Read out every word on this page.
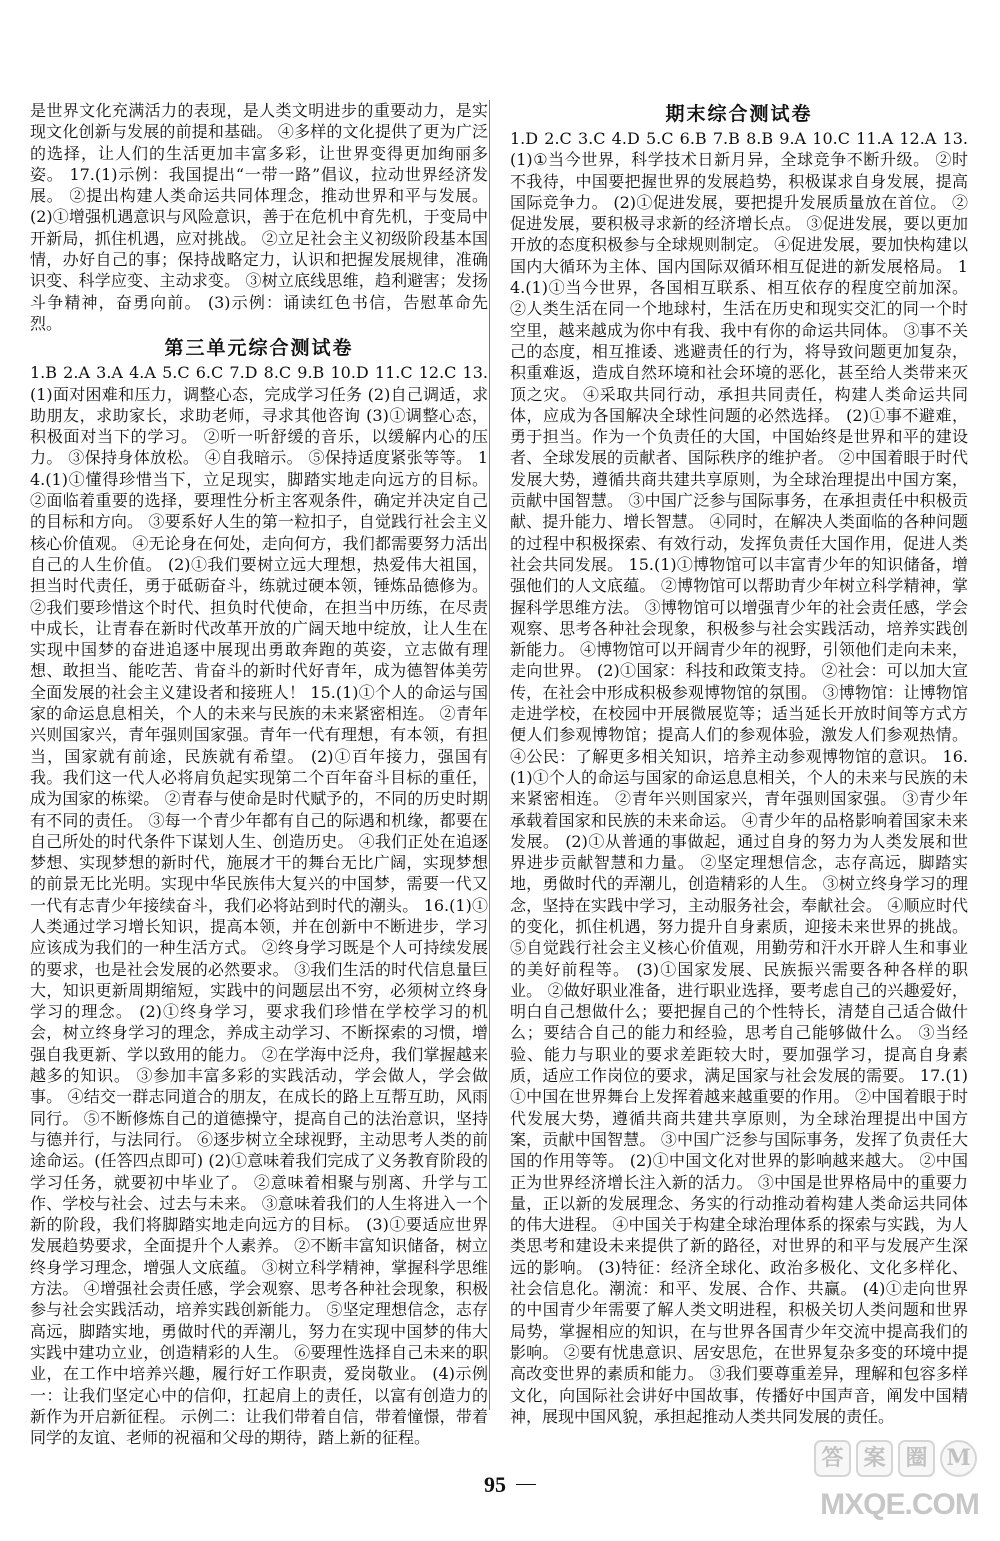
是世界文化充满活力的表现，是人类文明进步的重要动力，是实现文化创新与发展的前提和基础。 ④多样的文化提供了更为广泛的选择，让人们的生活更加丰富多彩，让世界变得更加绚丽多姿。 17.(1)示例：我国提出“一带一路”倡议，拉动世界经济发展。 ②提出构建人类命运共同体理念，推动世界和平与发展。 (2)①增强机遇意识与风险意识，善于在危机中育先机，于变局中开新局，抓住机遇，应对挑战。 ②立足社会主义初级阶段基本国情，办好自己的事；保持战略定力，认识和把握发展规律，准确识变、科学应变、主动求变。 ③树立底线思维，趋利避害；发扬斗争精神，奋勇向前。 (3)示例：诵读红色书信，告慰革命先烈。

第三单元综合测试卷

1.B 2.A 3.A 4.A 5.C 6.C 7.D 8.C 9.B 10.D 11.C 12.C 13.(1)面对困难和压力，调整心态，完成学习任务 (2)自己调适，求助朋友，求助家长，求助老师，寻求其他咨询 (3)①调整心态，积极面对当下的学习。 ②听一听舒缓的音乐，以缓解内心的压力。 ③保持身体放松。 ④自我暗示。 ⑤保持适度紧张等等。 14.(1)①懂得珍惜当下，立足现实，脚踏实地走向远方的目标。 ②面临着重要的选择，要理性分析主客观条件，确定并决定自己的目标和方向。 ③要系好人生的第一粒扣子，自觉践行社会主义核心价值观。 ④无论身在何处，走向何方，我们都需要努力活出自己的人生价值。 (2)①我们要树立远大理想，热爱伟大祖国，担当时代责任，勇于砥砺奋斗，练就过硬本领，锤炼品德修为。 ②我们要珍惜这个时代、担负时代使命，在担当中历练，在尽责中成长，让青春在新时代改革开放的广阔天地中绽放，让人生在实现中国梦的奋进追逐中展现出勇敢奔跑的英姿，立志做有理想、敢担当、能吃苦、肯奋斗的新时代好青年，成为德智体美劳全面发展的社会主义建设者和接班人！ 15.(1)①个人的命运与国家的命运息息相关，个人的未来与民族的未来紧密相连。 ②青年兴则国家兴，青年强则国家强。青年一代有理想，有本领，有担当，国家就有前途，民族就有希望。 (2)①百年接力，强国有我。我们这一代人必将肩负起实现第二个百年奋斗目标的重任，成为国家的栋梁。 ②青春与使命是时代赋予的，不同的历史时期有不同的责任。 ③每一个青少年都有自己的际遇和机缘，都要在自己所处的时代条件下谋划人生、创造历史。 ④我们正处在追逐梦想、实现梦想的新时代，施展才干的舞台无比广阔，实现梦想的前景无比光明。实现中华民族伟大复兴的中国梦，需要一代又一代有志青少年接续奋斗，我们必将站到时代的潮头。 16.(1)①人类通过学习增长知识，提高本领，并在创新中不断进步，学习应该成为我们的一种生活方式。 ②终身学习既是个人可持续发展的要求，也是社会发展的必然要求。 ③我们生活的时代信息量巨大，知识更新周期缩短，实践中的问题层出不穷，必须树立终身学习的理念。 (2)①终身学习，要求我们珍惜在学校学习的机会，树立终身学习的理念，养成主动学习、不断探索的习惯，增强自我更新、学以致用的能力。 ②在学海中泛舟，我们掌握越来越多的知识。 ③参加丰富多彩的实践活动，学会做人，学会做事。 ④结交一群志同道合的朋友，在成长的路上互帮互助，风雨同行。 ⑤不断修炼自己的道德操守，提高自己的法治意识，坚持与德并行，与法同行。 ⑥逐步树立全球视野，主动思考人类的前途命运。(任答四点即可) (2)①意味着我们完成了义务教育阶段的学习任务，就要初中毕业了。 ②意味着相聚与别离、升学与工作、学校与社会、过去与未来。 ③意味着我们的人生将进入一个新的阶段，我们将脚踏实地走向远方的目标。 (3)①要适应世界发展趋势要求，全面提升个人素养。 ②不断丰富知识储备，树立终身学习理念，增强人文底蕴。 ③树立科学精神，掌握科学思维方法。 ④增强社会责任感，学会观察、思考各种社会现象，积极参与社会实践活动，培养实践创新能力。 ⑤坚定理想信念，志存高远，脚踏实地，勇做时代的弄潮儿，努力在实现中国梦的伟大实践中建功立业，创造精彩的人生。 ⑥要理性选择自己未来的职业，在工作中培养兴趣，履行好工作职责，爱岗敬业。 (4)示例一：让我们坚定心中的信仰，扛起肩上的责任，以富有创造力的新作为开启新征程。 示例二：让我们带着自信，带着憧憬，带着同学的友谊、老师的祝福和父母的期待，踏上新的征程。

期末综合测试卷

1.D 2.C 3.C 4.D 5.C 6.B 7.B 8.B 9.A 10.C 11.A 12.A 13.(1)①当今世界，科学技术日新月异，全球竞争不断升级。 ②时不我待，中国要把握世界的发展趋势，积极谋求自身发展，提高国际竞争力。 (2)①促进发展，要把提升发展质量放在首位。 ②促进发展，要积极寻求新的经济增长点。 ③促进发展，要以更加开放的态度积极参与全球规则制定。 ④促进发展，要加快构建以国内大循环为主体、国内国际双循环相互促进的新发展格局。 14.(1)①当今世界，各国相互联系、相互依存的程度空前加深。 ②人类生活在同一个地球村，生活在历史和现实交汇的同一个时空里，越来越成为你中有我、我中有你的命运共同体。 ③事不关己的态度，相互推诿、逃避责任的行为，将导致问题更加复杂，积重难返，造成自然环境和社会环境的恶化，甚至给人类带来灭顶之灾。 ④采取共同行动，承担共同责任，构建人类命运共同体，应成为各国解决全球性问题的必然选择。 (2)①事不避难，勇于担当。作为一个负责任的大国，中国始终是世界和平的建设者、全球发展的贡献者、国际秩序的维护者。 ②中国着眼于时代发展大势，遵循共商共建共享原则，为全球治理提出中国方案，贡献中国智慧。 ③中国广泛参与国际事务，在承担责任中积极贡献、提升能力、增长智慧。 ④同时，在解决人类面临的各种问题的过程中积极探索、有效行动，发挥负责任大国作用，促进人类社会共同发展。 15.(1)①博物馆可以丰富青少年的知识储备，增强他们的人文底蕴。 ②博物馆可以帮助青少年树立科学精神，掌握科学思维方法。 ③博物馆可以增强青少年的社会责任感，学会观察、思考各种社会现象，积极参与社会实践活动，培养实践创新能力。 ④博物馆可以开阔青少年的视野，引领他们走向未来，走向世界。 (2)①国家：科技和政策支持。 ②社会：可以加大宣传，在社会中形成积极参观博物馆的氛围。 ③博物馆：让博物馆走进学校，在校园中开展微展览等；适当延长开放时间等方式方便人们参观博物馆；提高人们的参观体验，激发人们参观热情。 ④公民：了解更多相关知识，培养主动参观博物馆的意识。 16.(1)①个人的命运与国家的命运息息相关，个人的未来与民族的未来紧密相连。 ②青年兴则国家兴，青年强则国家强。 ③青少年承载着国家和民族的未来命运。 ④青少年的品格影响着国家未来发展。 (2)①从普通的事做起，通过自身的努力为人类发展和世界进步贡献智慧和力量。 ②坚定理想信念，志存高远，脚踏实地，勇做时代的弄潮儿，创造精彩的人生。 ③树立终身学习的理念，坚持在实践中学习，主动服务社会，奉献社会。 ④顺应时代的变化，抓住机遇，努力提升自身素质，迎接未来世界的挑战。 ⑤自觉践行社会主义核心价值观，用勤劳和汗水开辟人生和事业的美好前程等。 (3)①国家发展、民族振兴需要各种各样的职业。 ②做好职业准备，进行职业选择，要考虑自己的兴趣爱好，明白自己想做什么；要把握自己的个性特长，清楚自己适合做什么；要结合自己的能力和经验，思考自己能够做什么。 ③当经验、能力与职业的要求差距较大时，要加强学习，提高自身素质，适应工作岗位的要求，满足国家与社会发展的需要。 17.(1)①中国在世界舞台上发挥着越来越重要的作用。 ②中国着眼于时代发展大势，遵循共商共建共享原则，为全球治理提出中国方案，贡献中国智慧。 ③中国广泛参与国际事务，发挥了负责任大国的作用等等。 (2)①中国文化对世界的影响越来越大。 ②中国正为世界经济增长注入新的活力。 ③中国是世界格局中的重要力量，正以新的发展理念、务实的行动推动着构建人类命运共同体的伟大进程。 ④中国关于构建全球治理体系的探索与实践，为人类思考和建设未来提供了新的路径，对世界的和平与发展产生深远的影响。 (3)特征：经济全球化、政治多极化、文化多样化、社会信息化。潮流：和平、发展、合作、共赢。 (4)①走向世界的中国青少年需要了解人类文明进程，积极关切人类问题和世界局势，掌握相应的知识，在与世界各国青少年交流中提高我们的影响。 ②要有忧患意识、居安思危，在世界复杂多变的环境中提高改变世界的素质和能力。 ③我们要尊重差异，理解和包容多样文化，向国际社会讲好中国故事，传播好中国声音，阐发中国精神，展现中国风貌，承担起推动人类共同发展的责任。

95
答 案 圈 M
MXQE.COM
